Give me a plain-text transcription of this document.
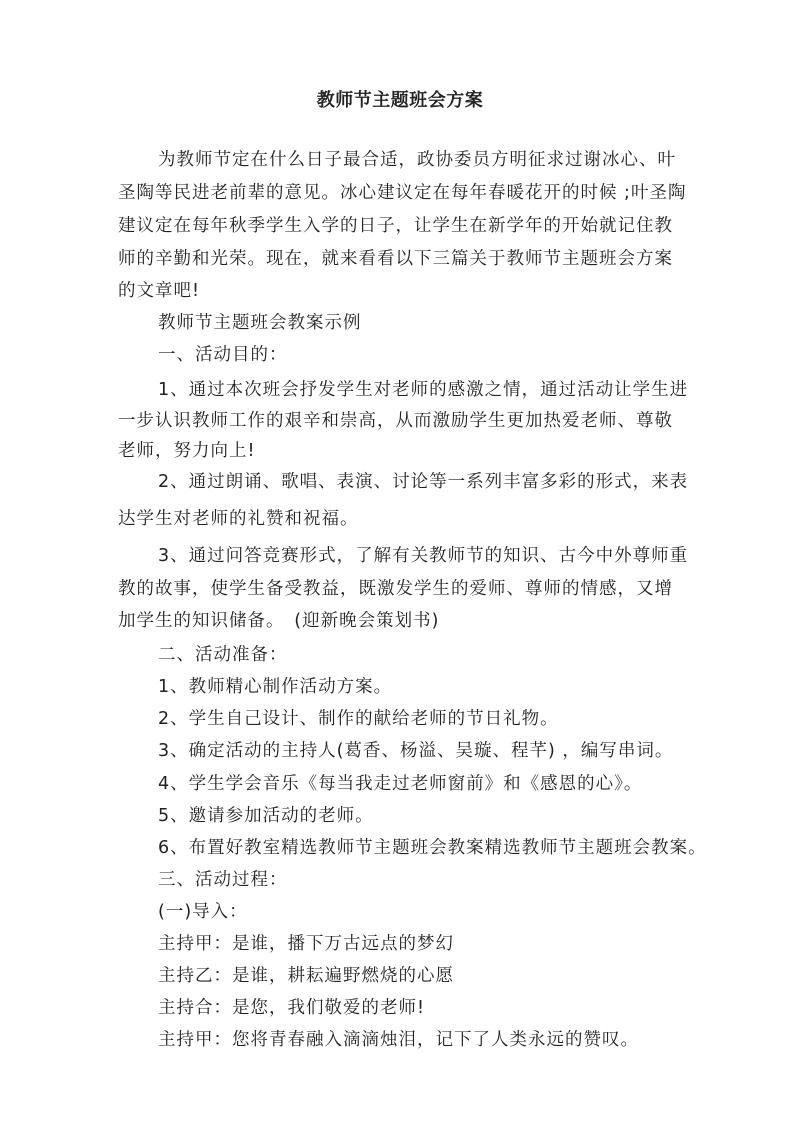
教师节主题班会方案
为教师节定在什么日子最合适，政协委员方明征求过谢冰心、叶
圣陶等民进老前辈的意见。冰心建议定在每年春暖花开的时候 ;叶圣陶
建议定在每年秋季学生入学的日子，让学生在新学年的开始就记住教
师的辛勤和光荣。现在，就来看看以下三篇关于教师节主题班会方案
的文章吧!
教师节主题班会教案示例
一、活动目的：
1、通过本次班会抒发学生对老师的感激之情，通过活动让学生进
一步认识教师工作的艰辛和崇高，从而激励学生更加热爱老师、尊敬
老师，努力向上!
2、通过朗诵、歌唱、表演、讨论等一系列丰富多彩的形式，来表
达学生对老师的礼赞和祝福。
3、通过问答竞赛形式，了解有关教师节的知识、古今中外尊师重
教的故事，使学生备受教益，既激发学生的爱师、尊师的情感，又增
加学生的知识储备。　(迎新晚会策划书)
二、活动准备：
1、教师精心制作活动方案。
2、学生自己设计、制作的献给老师的节日礼物。
3、确定活动的主持人(葛香、杨溢、吴璇、程芊) ，编写串词。
4、学生学会音乐《每当我走过老师窗前》和《感恩的心》。
5、邀请参加活动的老师。
6、布置好教室精选教师节主题班会教案精选教师节主题班会教案。
三、活动过程：
(一)导入：
主持甲：是谁，播下万古远点的梦幻
主持乙：是谁，耕耘遍野燃烧的心愿
主持合：是您，我们敬爱的老师!
主持甲：您将青春融入滴滴烛泪，记下了人类永远的赞叹。
